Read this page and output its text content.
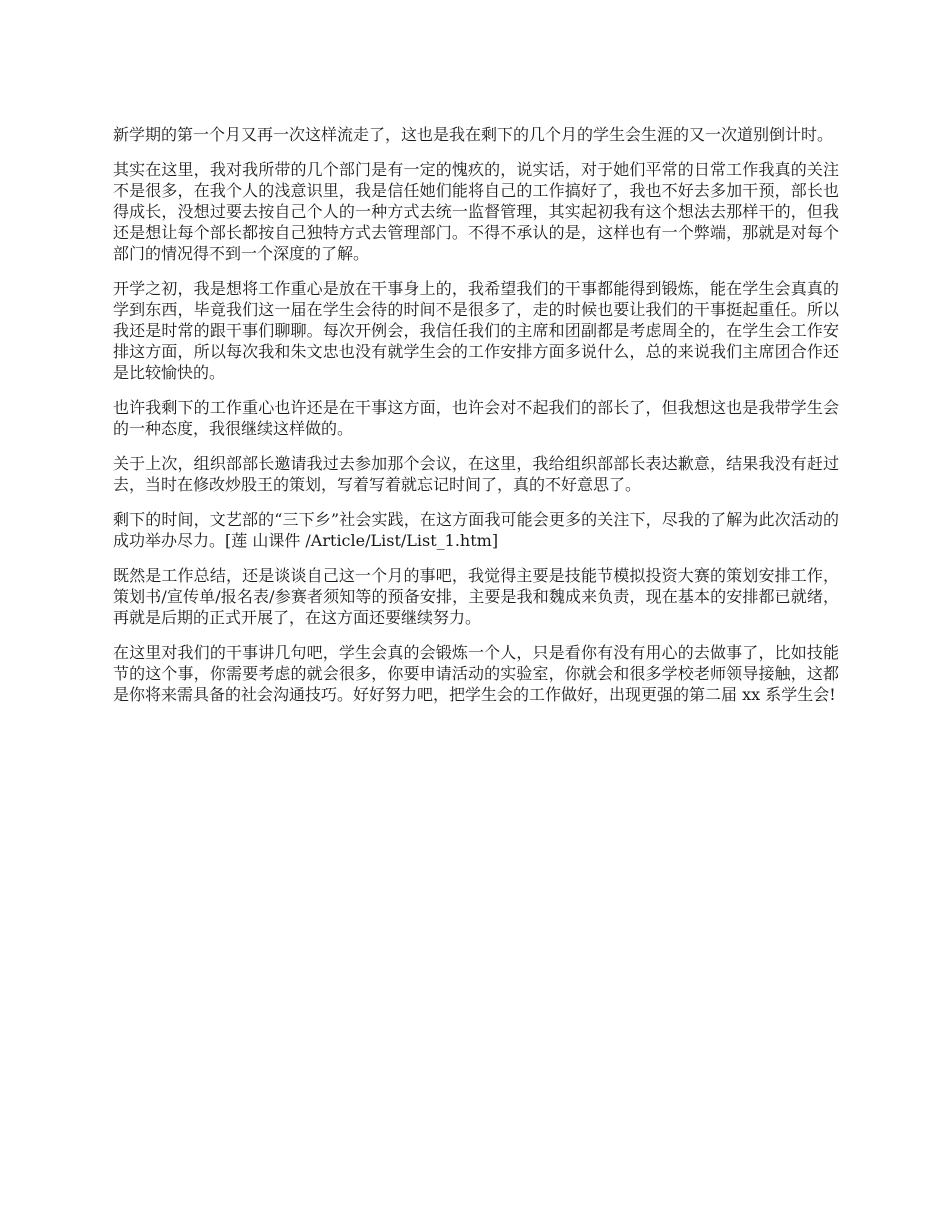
新学期的第一个月又再一次这样流走了，这也是我在剩下的几个月的学生会生涯的又一次道别倒计时。

其实在这里，我对我所带的几个部门是有一定的愧疚的，说实话，对于她们平常的日常工作我真的关注不是很多，在我个人的浅意识里，我是信任她们能将自己的工作搞好了，我也不好去多加干预，部长也得成长，没想过要去按自己个人的一种方式去统一监督管理，其实起初我有这个想法去那样干的，但我还是想让每个部长都按自己独特方式去管理部门。不得不承认的是，这样也有一个弊端，那就是对每个部门的情况得不到一个深度的了解。

开学之初，我是想将工作重心是放在干事身上的，我希望我们的干事都能得到锻炼，能在学生会真真的学到东西，毕竟我们这一届在学生会待的时间不是很多了，走的时候也要让我们的干事挺起重任。所以我还是时常的跟干事们聊聊。每次开例会，我信任我们的主席和团副都是考虑周全的，在学生会工作安排这方面，所以每次我和朱文忠也没有就学生会的工作安排方面多说什么，总的来说我们主席团合作还是比较愉快的。

也许我剩下的工作重心也许还是在干事这方面，也许会对不起我们的部长了，但我想这也是我带学生会的一种态度，我很继续这样做的。

关于上次，组织部部长邀请我过去参加那个会议，在这里，我给组织部部长表达歉意，结果我没有赶过去，当时在修改炒股王的策划，写着写着就忘记时间了，真的不好意思了。

剩下的时间，文艺部的“三下乡”社会实践，在这方面我可能会更多的关注下，尽我的了解为此次活动的成功举办尽力。[莲 山课件 /Article/List/List_1.htm]

既然是工作总结，还是谈谈自己这一个月的事吧，我觉得主要是技能节模拟投资大赛的策划安排工作，策划书/宣传单/报名表/参赛者须知等的预备安排，主要是我和魏成来负责，现在基本的安排都已就绪，再就是后期的正式开展了，在这方面还要继续努力。

在这里对我们的干事讲几句吧，学生会真的会锻炼一个人，只是看你有没有用心的去做事了，比如技能节的这个事，你需要考虑的就会很多，你要申请活动的实验室，你就会和很多学校老师领导接触，这都是你将来需具备的社会沟通技巧。好好努力吧，把学生会的工作做好，出现更强的第二届 xx 系学生会!
